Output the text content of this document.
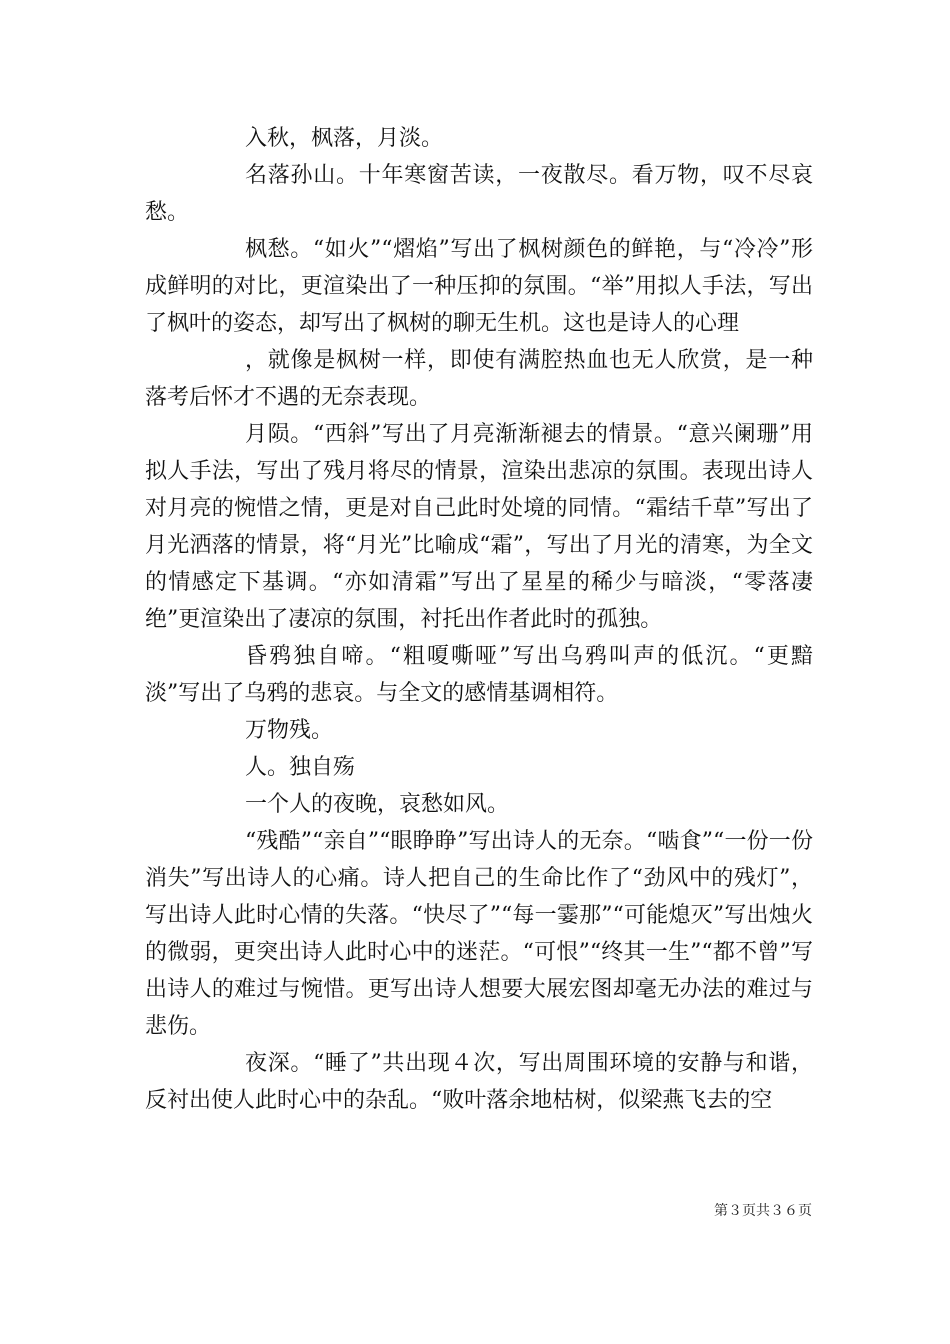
入秋，枫落，月淡。

名落孙山。十年寒窗苦读，一夜散尽。看万物，叹不尽哀愁。

枫愁。“如火”“熠焰”写出了枫树颜色的鲜艳，与“冷冷”形成鲜明的对比，更渲染出了一种压抑的氛围。“举”用拟人手法，写出了枫叶的姿态，却写出了枫树的聊无生机。这也是诗人的心理

，就像是枫树一样，即使有满腔热血也无人欣赏，是一种落考后怀才不遇的无奈表现。

月陨。“西斜”写出了月亮渐渐褪去的情景。“意兴阑珊”用拟人手法，写出了残月将尽的情景，渲染出悲凉的氛围。表现出诗人对月亮的惋惜之情，更是对自己此时处境的同情。“霜结千草”写出了月光洒落的情景，将“月光”比喻成“霜”，写出了月光的清寒，为全文的情感定下基调。“亦如清霜”写出了星星的稀少与暗淡，“零落凄绝”更渲染出了凄凉的氛围，衬托出作者此时的孤独。

昏鸦独自啼。“粗嗄嘶哑”写出乌鸦叫声的低沉。“更黯淡”写出了乌鸦的悲哀。与全文的感情基调相符。

万物残。

人。独自殇

一个人的夜晚，哀愁如风。

“残酷”“亲自”“眼睁睁”写出诗人的无奈。“啮食”“一份一份消失”写出诗人的心痛。诗人把自己的生命比作了“劲风中的残灯”，写出诗人此时心情的失落。“快尽了”“每一霎那”“可能熄灭”写出烛火的微弱，更突出诗人此时心中的迷茫。“可恨”“终其一生”“都不曾”写出诗人的难过与惋惜。更写出诗人想要大展宏图却毫无办法的难过与悲伤。

夜深。“睡了”共出现４次，写出周围环境的安静与和谐，反衬出使人此时心中的杂乱。“败叶落余地枯树，似梁燕飞去的空

第３页共３６页
